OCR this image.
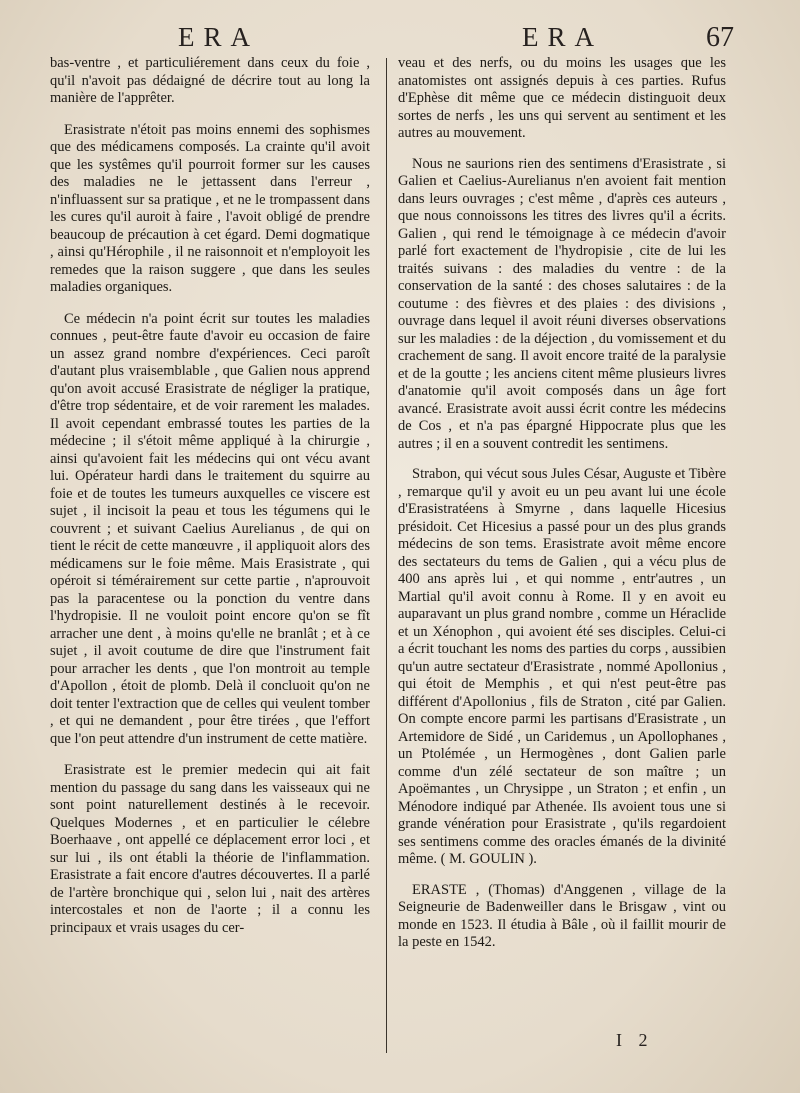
ERA	ERA	67

bas-ventre , et particuliérement dans ceux du foie , qu'il n'avoit pas dédaigné de décrire tout au long la manière de l'apprêter.

Erasistrate n'étoit pas moins ennemi des sophismes que des médicamens composés. La crainte qu'il avoit que les systêmes qu'il pourroit former sur les causes des maladies ne le jettassent dans l'erreur , n'influassent sur sa pratique , et ne le trompassent dans les cures qu'il auroit à faire , l'avoit obligé de prendre beaucoup de précaution à cet égard. Demi dogmatique , ainsi qu'Hérophile , il ne raisonnoit et n'employoit les remedes que la raison suggere , que dans les seules maladies organiques.

Ce médecin n'a point écrit sur toutes les maladies connues , peut-être faute d'avoir eu occasion de faire un assez grand nombre d'expériences. Ceci paroît d'autant plus vraisemblable , que Galien nous apprend qu'on avoit accusé Erasistrate de négliger la pratique, d'être trop sédentaire, et de voir rarement les malades. Il avoit cependant embrassé toutes les parties de la médecine ; il s'étoit même appliqué à la chirurgie , ainsi qu'avoient fait les médecins qui ont vécu avant lui. Opérateur hardi dans le traitement du squirre au foie et de toutes les tumeurs auxquelles ce viscere est sujet , il incisoit la peau et tous les tégumens qui le couvrent ; et suivant Caelius Aurelianus , de qui on tient le récit de cette manœuvre , il appliquoit alors des médicamens sur le foie même. Mais Erasistrate , qui opéroit si témérairement sur cette partie , n'aprouvoit pas la paracentese ou la ponction du ventre dans l'hydropisie. Il ne vouloit point encore qu'on se fît arracher une dent , à moins qu'elle ne branlât ; et à ce sujet , il avoit coutume de dire que l'instrument fait pour arracher les dents , que l'on montroit au temple d'Apollon , étoit de plomb. Delà il concluoit qu'on ne doit tenter l'extraction que de celles qui veulent tomber , et qui ne demandent , pour être tirées , que l'effort que l'on peut attendre d'un instrument de cette matière.

Erasistrate est le premier medecin qui ait fait mention du passage du sang dans les vaisseaux qui ne sont point naturellement destinés à le recevoir. Quelques Modernes , et en particulier le célebre Boerhaave , ont appellé ce déplacement error loci , et sur lui , ils ont établi la théorie de l'inflammation. Erasistrate a fait encore d'autres découvertes. Il a parlé de l'artère bronchique qui , selon lui , nait des artères intercostales et non de l'aorte ; il a connu les principaux et vrais usages du cer-

veau et des nerfs, ou du moins les usages que les anatomistes ont assignés depuis à ces parties. Rufus d'Ephèse dit même que ce médecin distinguoit deux sortes de nerfs , les uns qui servent au sentiment et les autres au mouvement.

Nous ne saurions rien des sentimens d'Erasistrate , si Galien et Caelius-Aurelianus n'en avoient fait mention dans leurs ouvrages ; c'est même , d'après ces auteurs , que nous connoissons les titres des livres qu'il a écrits. Galien , qui rend le témoignage à ce médecin d'avoir parlé fort exactement de l'hydropisie , cite de lui les traités suivans : des maladies du ventre : de la conservation de la santé : des choses salutaires : de la coutume : des fièvres et des plaies : des divisions , ouvrage dans lequel il avoit réuni diverses observations sur les maladies : de la déjection , du vomissement et du crachement de sang. Il avoit encore traité de la paralysie et de la goutte ; les anciens citent même plusieurs livres d'anatomie qu'il avoit composés dans un âge fort avancé. Erasistrate avoit aussi écrit contre les médecins de Cos , et n'a pas épargné Hippocrate plus que les autres ; il en a souvent contredit les sentimens.

Strabon, qui vécut sous Jules César, Auguste et Tibère , remarque qu'il y avoit eu un peu avant lui une école d'Erasistratéens à Smyrne , dans laquelle Hicesius présidoit. Cet Hicesius a passé pour un des plus grands médecins de son tems. Erasistrate avoit même encore des sectateurs du tems de Galien , qui a vécu plus de 400 ans après lui , et qui nomme , entr'autres , un Martial qu'il avoit connu à Rome. Il y en avoit eu auparavant un plus grand nombre , comme un Héraclide et un Xénophon , qui avoient été ses disciples. Celui-ci a écrit touchant les noms des parties du corps , aussibien qu'un autre sectateur d'Erasistrate , nommé Apollonius , qui étoit de Memphis , et qui n'est peut-être pas différent d'Apollonius , fils de Straton , cité par Galien. On compte encore parmi les partisans d'Erasistrate , un Artemidore de Sidé , un Caridemus , un Apollophanes , un Ptolémée , un Hermogènes , dont Galien parle comme d'un zélé sectateur de son maître ; un Apoëmantes , un Chrysippe , un Straton ; et enfin , un Ménodore indiqué par Athenée. Ils avoient tous une si grande vénération pour Erasistrate , qu'ils regardoient ses sentimens comme des oracles émanés de la divinité même. ( M. GOULIN ).

ERASTE , (Thomas) d'Anggenen , village de la Seigneurie de Badenweiller dans le Brisgaw , vint ou monde en 1523. Il étudia à Bâle , où il faillit mourir de la peste en 1542.

I 2
